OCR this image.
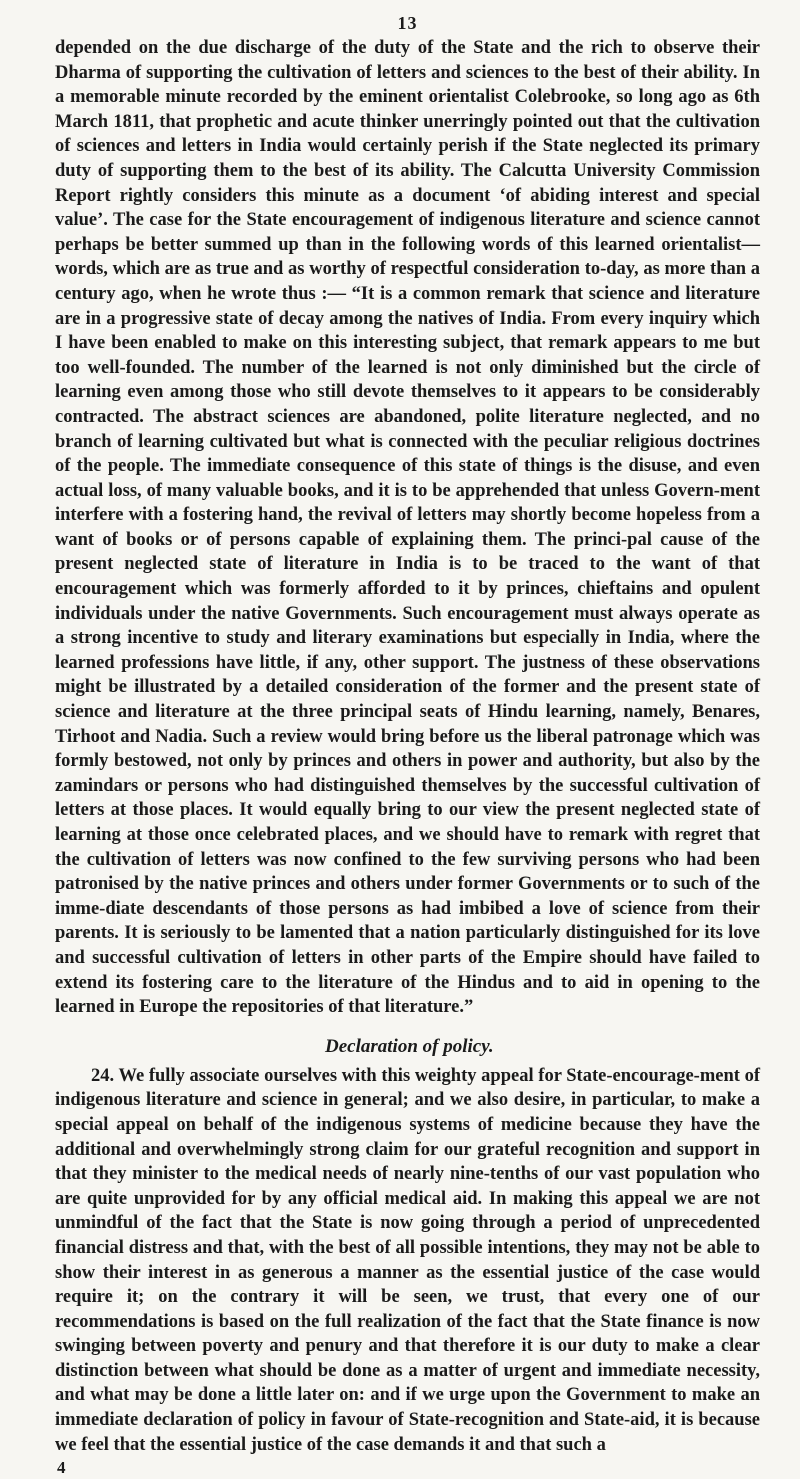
13

depended on the due discharge of the duty of the State and the rich to observe their Dharma of supporting the cultivation of letters and sciences to the best of their ability. In a memorable minute recorded by the eminent orientalist Colebrooke, so long ago as 6th March 1811, that prophetic and acute thinker unerringly pointed out that the cultivation of sciences and letters in India would certainly perish if the State neglected its primary duty of supporting them to the best of its ability. The Calcutta University Commission Report rightly considers this minute as a document ‘of abiding interest and special value’. The case for the State encouragement of indigenous literature and science cannot perhaps be better summed up than in the following words of this learned orientalist—words, which are as true and as worthy of respectful consideration to-day, as more than a century ago, when he wrote thus :— “It is a common remark that science and literature are in a progressive state of decay among the natives of India. From every inquiry which I have been enabled to make on this interesting subject, that remark appears to me but too well-founded. The number of the learned is not only diminished but the circle of learning even among those who still devote themselves to it appears to be considerably contracted. The abstract sciences are abandoned, polite literature neglected, and no branch of learning cultivated but what is connected with the peculiar religious doctrines of the people. The immediate consequence of this state of things is the disuse, and even actual loss, of many valuable books, and it is to be apprehended that unless Govern-ment interfere with a fostering hand, the revival of letters may shortly become hopeless from a want of books or of persons capable of explaining them. The princi-pal cause of the present neglected state of literature in India is to be traced to the want of that encouragement which was formerly afforded to it by princes, chieftains and opulent individuals under the native Governments. Such encouragement must always operate as a strong incentive to study and literary examinations but especially in India, where the learned professions have little, if any, other support. The justness of these observations might be illustrated by a detailed consideration of the former and the present state of science and literature at the three principal seats of Hindu learning, namely, Benares, Tirhoot and Nadia. Such a review would bring before us the liberal patronage which was formly bestowed, not only by princes and others in power and authority, but also by the zamindars or persons who had distinguished themselves by the successful cultivation of letters at those places. It would equally bring to our view the present neglected state of learning at those once celebrated places, and we should have to remark with regret that the cultivation of letters was now confined to the few surviving persons who had been patronised by the native princes and others under former Governments or to such of the imme-diate descendants of those persons as had imbibed a love of science from their parents. It is seriously to be lamented that a nation particularly distinguished for its love and successful cultivation of letters in other parts of the Empire should have failed to extend its fostering care to the literature of the Hindus and to aid in opening to the learned in Europe the repositories of that literature.”

Declaration of policy.

24. We fully associate ourselves with this weighty appeal for State-encourage-ment of indigenous literature and science in general; and we also desire, in particular, to make a special appeal on behalf of the indigenous systems of medicine because they have the additional and overwhelmingly strong claim for our grateful recognition and support in that they minister to the medical needs of nearly nine-tenths of our vast population who are quite unprovided for by any official medical aid. In making this appeal we are not unmindful of the fact that the State is now going through a period of unprecedented financial distress and that, with the best of all possible intentions, they may not be able to show their interest in as generous a manner as the essential justice of the case would require it; on the contrary it will be seen, we trust, that every one of our recommendations is based on the full realization of the fact that the State finance is now swinging between poverty and penury and that therefore it is our duty to make a clear distinction between what should be done as a matter of urgent and immediate necessity, and what may be done a little later on: and if we urge upon the Government to make an immediate declaration of policy in favour of State-recognition and State-aid, it is because we feel that the essential justice of the case demands it and that such a

4
